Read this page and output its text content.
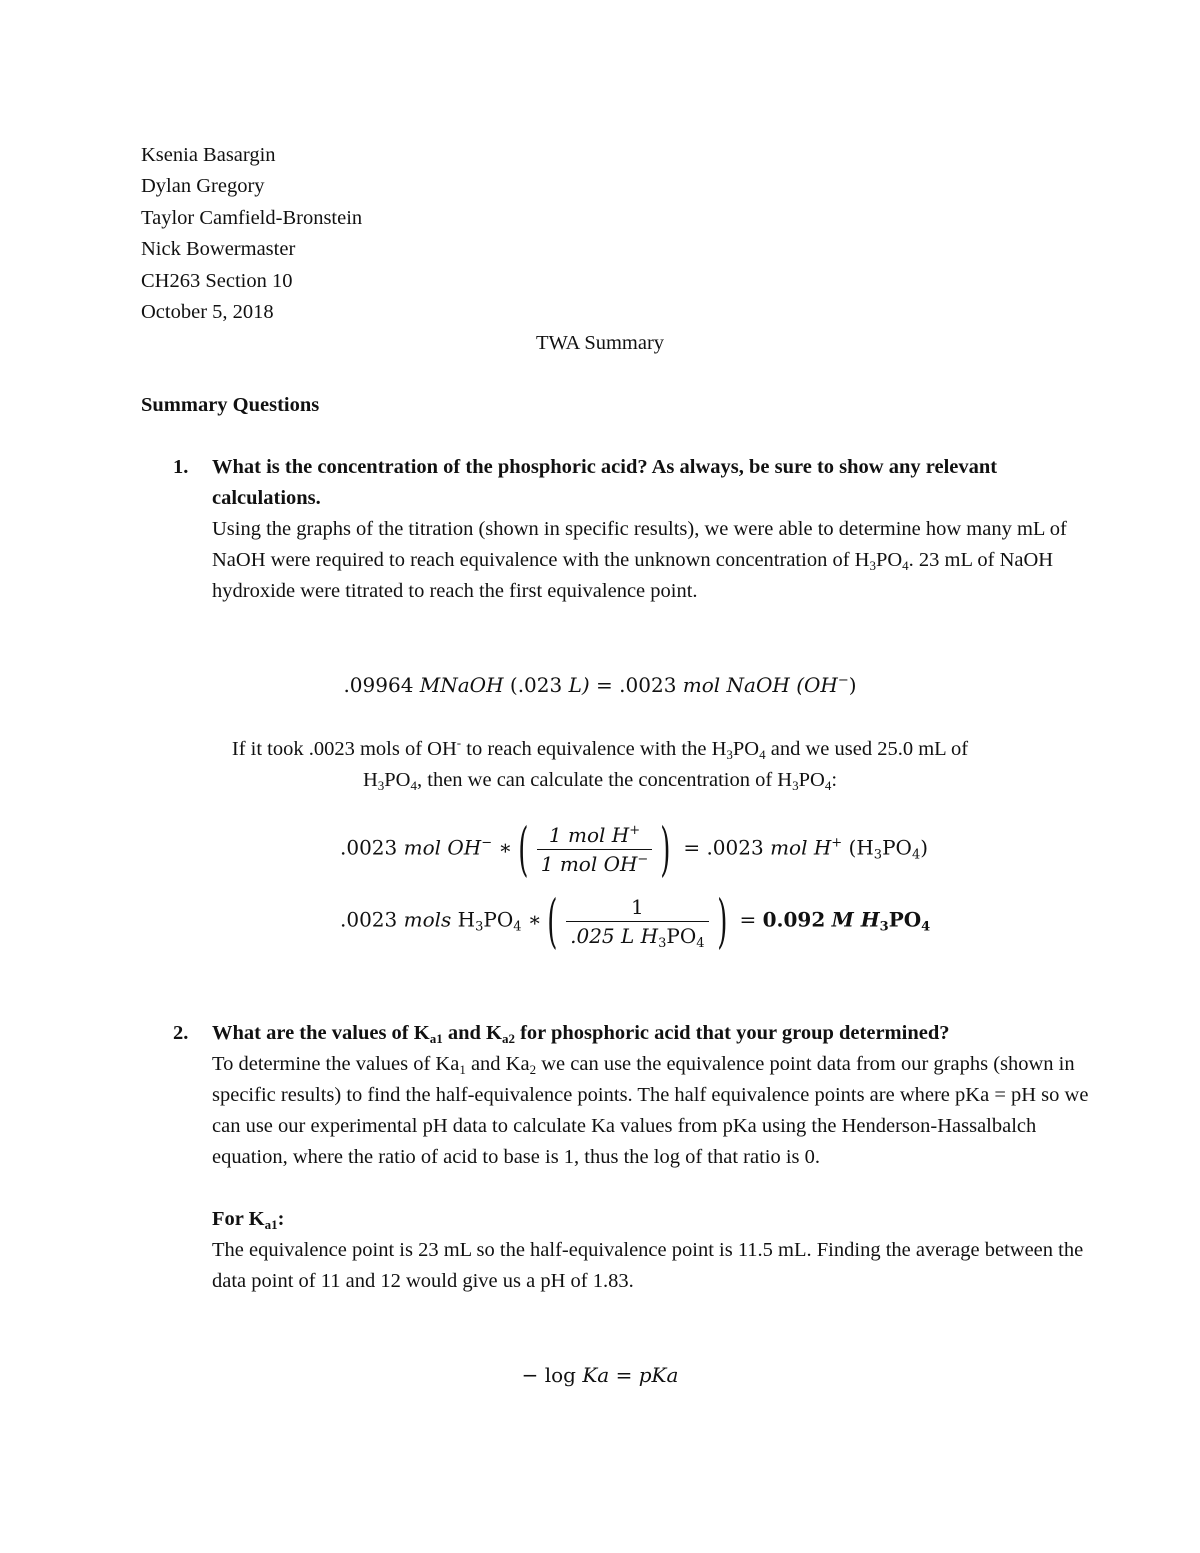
Ksenia Basargin
Dylan Gregory
Taylor Camfield-Bronstein
Nick Bowermaster
CH263 Section 10
October 5, 2018
TWA Summary
Summary Questions
1. What is the concentration of the phosphoric acid? As always, be sure to show any relevant calculations.

Using the graphs of the titration (shown in specific results), we were able to determine how many mL of NaOH were required to reach equivalence with the unknown concentration of $H_3PO_4$. 23 mL of NaOH hydroxide were titrated to reach the first equivalence point.

.09964 MNaOH (.023 L) = .0023 mol NaOH (OH−)
If it took .0023 mols of OH- to reach equivalence with the $H_3PO_4$ and we used 25.0 mL of
$H_3PO_4$, then we can calculate the concentration of $H_3PO_4$:
.0023 mol OH− ∗ ( $\frac{1 mol H^+}{1 mol OH^-}$ ) = .0023 mol H+ $(H_3PO_4)$
.0023 mols $H_3PO_4$ ∗ ( $\frac{1}{.025 L H_3PO_4}$ ) = 0.092 M $H_3PO_4$
2. What are the values of $K_{a1}$ and $K_{a2}$ for phosphoric acid that your group determined?

To determine the values of $Ka_1$ and $Ka_2$ we can use the equivalence point data from our graphs (shown in specific results) to find the half-equivalence points. The half equivalence points are where pKa = pH so we can use our experimental pH data to calculate Ka values from pKa using the Henderson-Hassalbalch equation, where the ratio of acid to base is 1, thus the log of that ratio is 0.

For $K_{a1}$:

The equivalence point is 23 mL so the half-equivalence point is 11.5 mL. Finding the average between the data point of 11 and 12 would give us a pH of 1.83.

− log Ka = pKa
